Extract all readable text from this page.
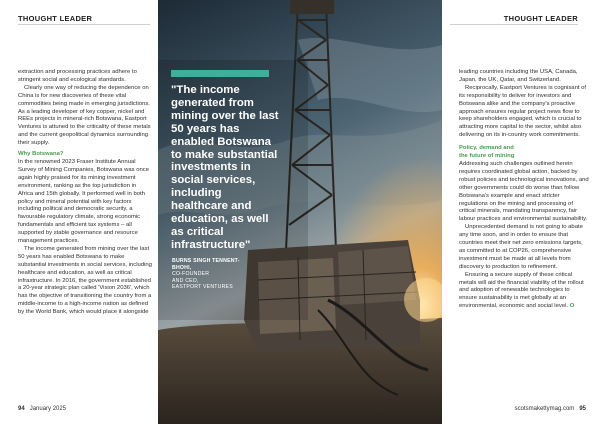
THOUGHT LEADER

extraction and processing practices adhere to stringent social and ecological standards.

Clearly one way of reducing the dependence on China is for new discoveries of these vital commodities being made in emerging jurisdictions. As a leading developer of key copper, nickel and REEs projects in mineral-rich Botswana, Eastport Ventures is attuned to the criticality of these metals and the current geopolitical dynamics surrounding their supply.

Why Botswana?

In the renowned 2023 Fraser Institute Annual Survey of Mining Companies, Botswana was once again highly praised for its mining investment environment, ranking as the top jurisdiction in Africa and 15th globally. It performed well in both policy and mineral potential with key factors including political and democratic security, a favourable regulatory climate, strong economic fundamentals and efficient tax systems – all supported by stable governance and resource management practices.

The income generated from mining over the last 50 years has enabled Botswana to make substantial investments in social services, including healthcare and education, as well as critical infrastructure. In 2016, the government established a 20-year strategic plan called 'Vision 2036', which has the objective of transitioning the country from a middle-income to a high-income nation as defined by the World Bank, which would place it alongside

94 January 2025
"The income generated from mining over the last 50 years has enabled Botswana to make substantial investments in social services, including healthcare and education, as well as critical infrastructure"
BURNS SINGH TENNENT-BHOHI,
CO-FOUNDER
AND CEO,
EASTPORT VENTURES
THOUGHT LEADER

leading countries including the USA, Canada, Japan, the UK, Qatar, and Switzerland.

Reciprocally, Eastport Ventures is cognisant of its responsibility to deliver for investors and Botswana alike and the company's proactive approach ensures regular project news flow to keep shareholders engaged, which is crucial to attracting more capital to the sector, whilst also delivering on its in-country work commitments.

Policy, demand and

the future of mining

Addressing such challenges outlined herein requires coordinated global action, backed by robust policies and technological innovations, and other governments could do worse than follow Botswana's example and enact stricter regulations on the mining and processing of critical minerals, mandating transparency, fair labour practices and environmental sustainability.

Unprecedented demand is not going to abate any time soon, and in order to ensure that countries meet their net zero emissions targets, as committed to at COP26, comprehensive investment must be made at all levels from discovery to production to refinement.

Ensuring a secure supply of these critical metals will aid the financial viability of the rollout and adoption of renewable technologies to ensure sustainability is met globally at an environmental, economic and social level. O

scotsmakettymag.com 95
